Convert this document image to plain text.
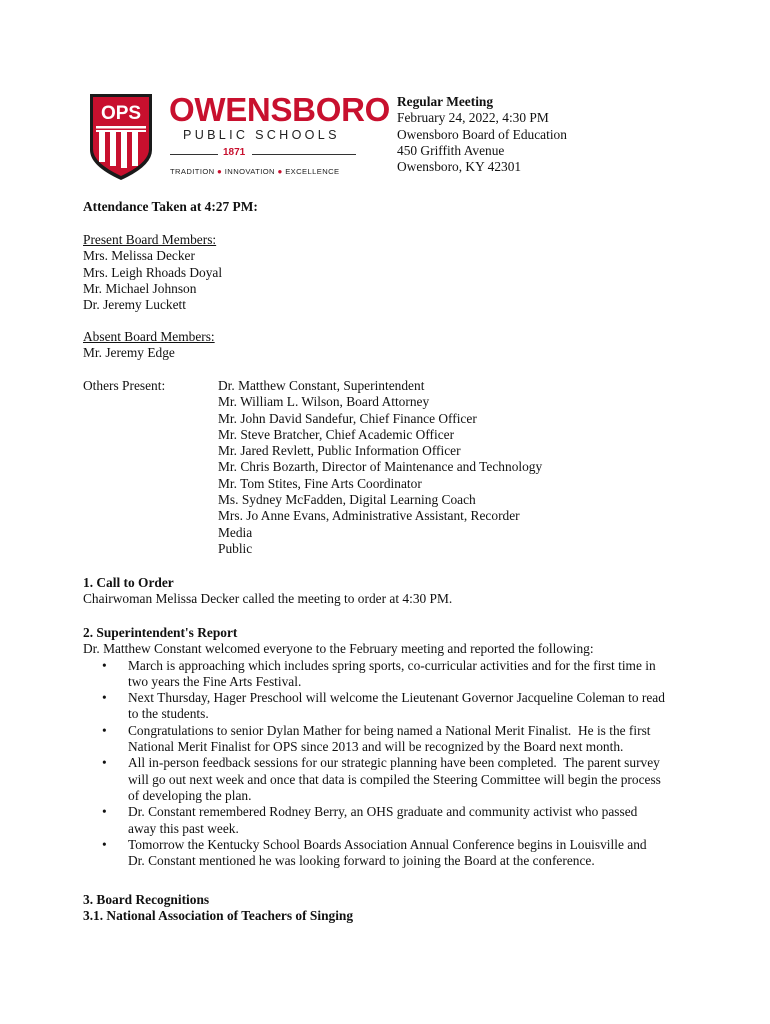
OPS OWENSBORO
PUBLIC SCHOOLS
1871
TRADITION ● INNOVATION ● EXCELLENCE
Regular Meeting
February 24, 2022, 4:30 PM
Owensboro Board of Education
450 Griffith Avenue
Owensboro, KY 42301
Attendance Taken at 4:27 PM:
Present Board Members:
Mrs. Melissa Decker
Mrs. Leigh Rhoads Doyal
Mr. Michael Johnson
Dr. Jeremy Luckett
Absent Board Members:
Mr. Jeremy Edge
Others Present:	Dr. Matthew Constant, Superintendent
Mr. William L. Wilson, Board Attorney
Mr. John David Sandefur, Chief Finance Officer
Mr. Steve Bratcher, Chief Academic Officer
Mr. Jared Revlett, Public Information Officer
Mr. Chris Bozarth, Director of Maintenance and Technology
Mr. Tom Stites, Fine Arts Coordinator
Ms. Sydney McFadden, Digital Learning Coach
Mrs. Jo Anne Evans, Administrative Assistant, Recorder
Media
Public
1. Call to Order
Chairwoman Melissa Decker called the meeting to order at 4:30 PM.
2. Superintendent's Report
Dr. Matthew Constant welcomed everyone to the February meeting and reported the following:
• March is approaching which includes spring sports, co-curricular activities and for the first time in
two years the Fine Arts Festival.
• Next Thursday, Hager Preschool will welcome the Lieutenant Governor Jacqueline Coleman to read
to the students.
• Congratulations to senior Dylan Mather for being named a National Merit Finalist.  He is the first
National Merit Finalist for OPS since 2013 and will be recognized by the Board next month.
• All in-person feedback sessions for our strategic planning have been completed.  The parent survey
will go out next week and once that data is compiled the Steering Committee will begin the process
of developing the plan.
• Dr. Constant remembered Rodney Berry, an OHS graduate and community activist who passed
away this past week.
• Tomorrow the Kentucky School Boards Association Annual Conference begins in Louisville and
Dr. Constant mentioned he was looking forward to joining the Board at the conference.
3. Board Recognitions
3.1. National Association of Teachers of Singing
